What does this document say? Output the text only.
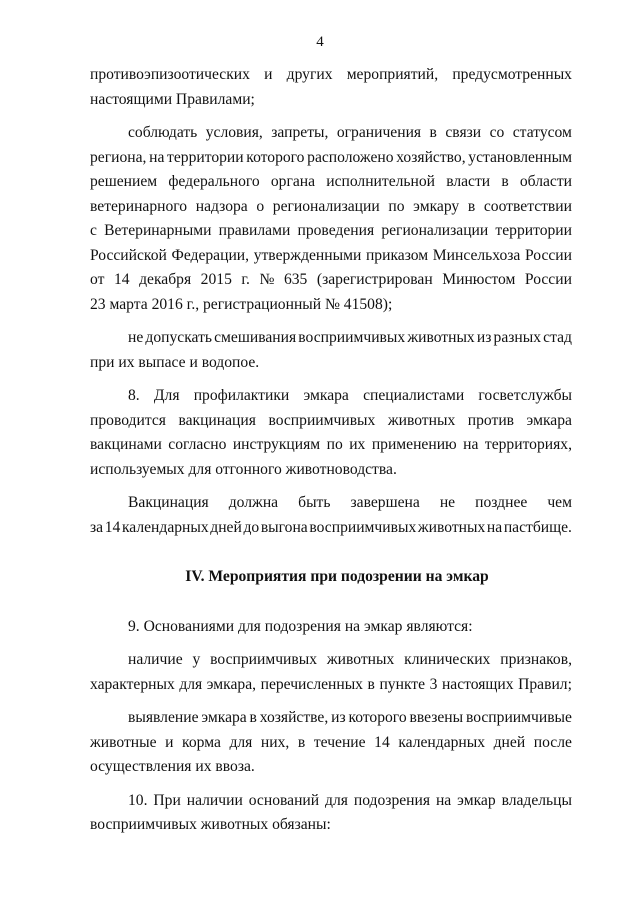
4
противоэпизоотических и других мероприятий, предусмотренных
настоящими Правилами;
соблюдать условия, запреты, ограничения в связи со статусом
региона, на территории которого расположено хозяйство, установленным
решением федерального органа исполнительной власти в области
ветеринарного надзора о регионализации по эмкару в соответствии
с Ветеринарными правилами проведения регионализации территории
Российской Федерации, утвержденными приказом Минсельхоза России
от 14 декабря 2015 г. № 635 (зарегистрирован Минюстом России
23 марта 2016 г., регистрационный № 41508);
не допускать смешивания восприимчивых животных из разных стад
при их выпасе и водопое.
8. Для профилактики эмкара специалистами госветслужбы
проводится вакцинация восприимчивых животных против эмкара
вакцинами согласно инструкциям по их применению на территориях,
используемых для отгонного животноводства.
Вакцинация должна быть завершена не позднее чем
за 14 календарных дней до выгона восприимчивых животных на пастбище.
IV. Мероприятия при подозрении на эмкар
9. Основаниями для подозрения на эмкар являются:
наличие у восприимчивых животных клинических признаков,
характерных для эмкара, перечисленных в пункте 3 настоящих Правил;
выявление эмкара в хозяйстве, из которого ввезены восприимчивые
животные и корма для них, в течение 14 календарных дней после
осуществления их ввоза.
10. При наличии оснований для подозрения на эмкар владельцы
восприимчивых животных обязаны:
